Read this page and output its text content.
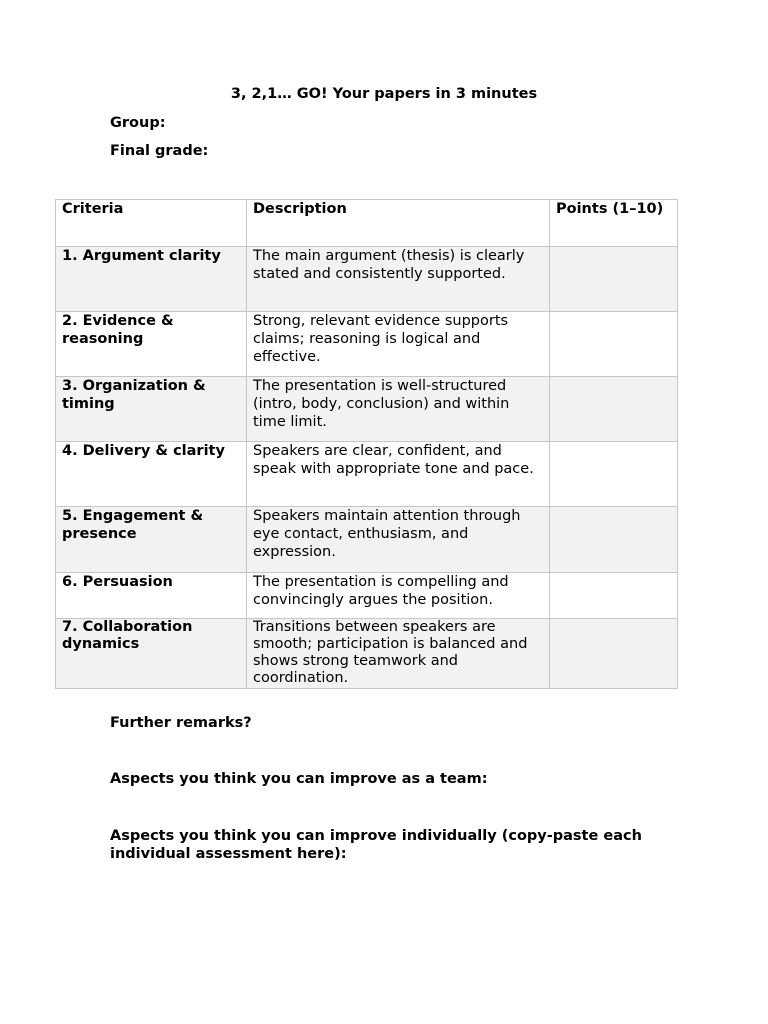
3, 2,1… GO! Your papers in 3 minutes
Group:
Final grade:
Criteria	Description	Points (1–10)
1. Argument clarity	The main argument (thesis) is clearly stated and consistently supported.	
2. Evidence & reasoning	Strong, relevant evidence supports claims; reasoning is logical and effective.	
3. Organization & timing	The presentation is well-structured (intro, body, conclusion) and within time limit.	
4. Delivery & clarity	Speakers are clear, confident, and speak with appropriate tone and pace.	
5. Engagement & presence	Speakers maintain attention through eye contact, enthusiasm, and expression.	
6. Persuasion	The presentation is compelling and convincingly argues the position.	
7. Collaboration dynamics	Transitions between speakers are smooth; participation is balanced and shows strong teamwork and coordination.	
Further remarks?
Aspects you think you can improve as a team:
Aspects you think you can improve individually (copy-paste each individual assessment here):
